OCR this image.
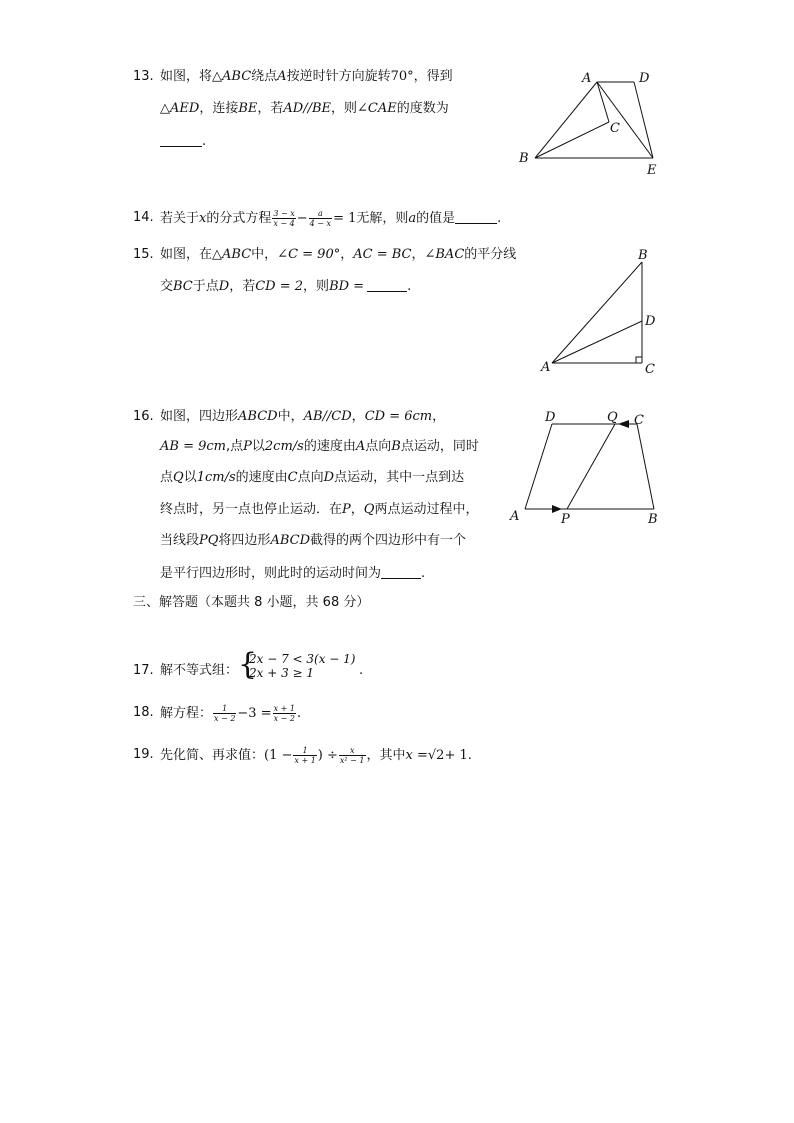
13. 如图，将△ABC绕点A按逆时针方向旋转70°，得到
△AED，连接BE，若AD//BE，则∠CAE的度数为
.
A	D
C
B
E
14. 若关于x的分式方程 $\frac{3 - x}{x - 4} - \frac{a}{4 - x} = 1$无解，则a的值是	.
15. 如图，在△ABC中，∠C = 90°，AC = BC，∠BAC的平分线
交BC于点D，若CD = 2，则BD =	.
B
D
A	C
16. 如图，四边形ABCD中，AB//CD，CD = 6cm，
AB = 9cm,点P以2cm/s的速度由A点向B点运动，同时
点Q以1cm/s的速度由C点向D点运动，其中一点到达
终点时，另一点也停止运动．在P，Q两点运动过程中，
当线段PQ将四边形ABCD截得的两个四边形中有一个
是平行四边形时，则此时的运动时间为	.
D	Q C
A	P	B
三、解答题（本题共 8 小题，共 68 分）
17. 解不等式组： {
2x − 7 < 3(x − 1)
2x + 3 ≥ 1	.
18. 解方程： $\frac{1}{x - 2} -3 = \frac{x + 1}{x - 2}$ .
19. 先化简、再求值：($1 - \frac{1}{x + 1}$ ) ÷ $\frac{x}{\text{x² − 1}}$ ，其中x =√2+ 1.
